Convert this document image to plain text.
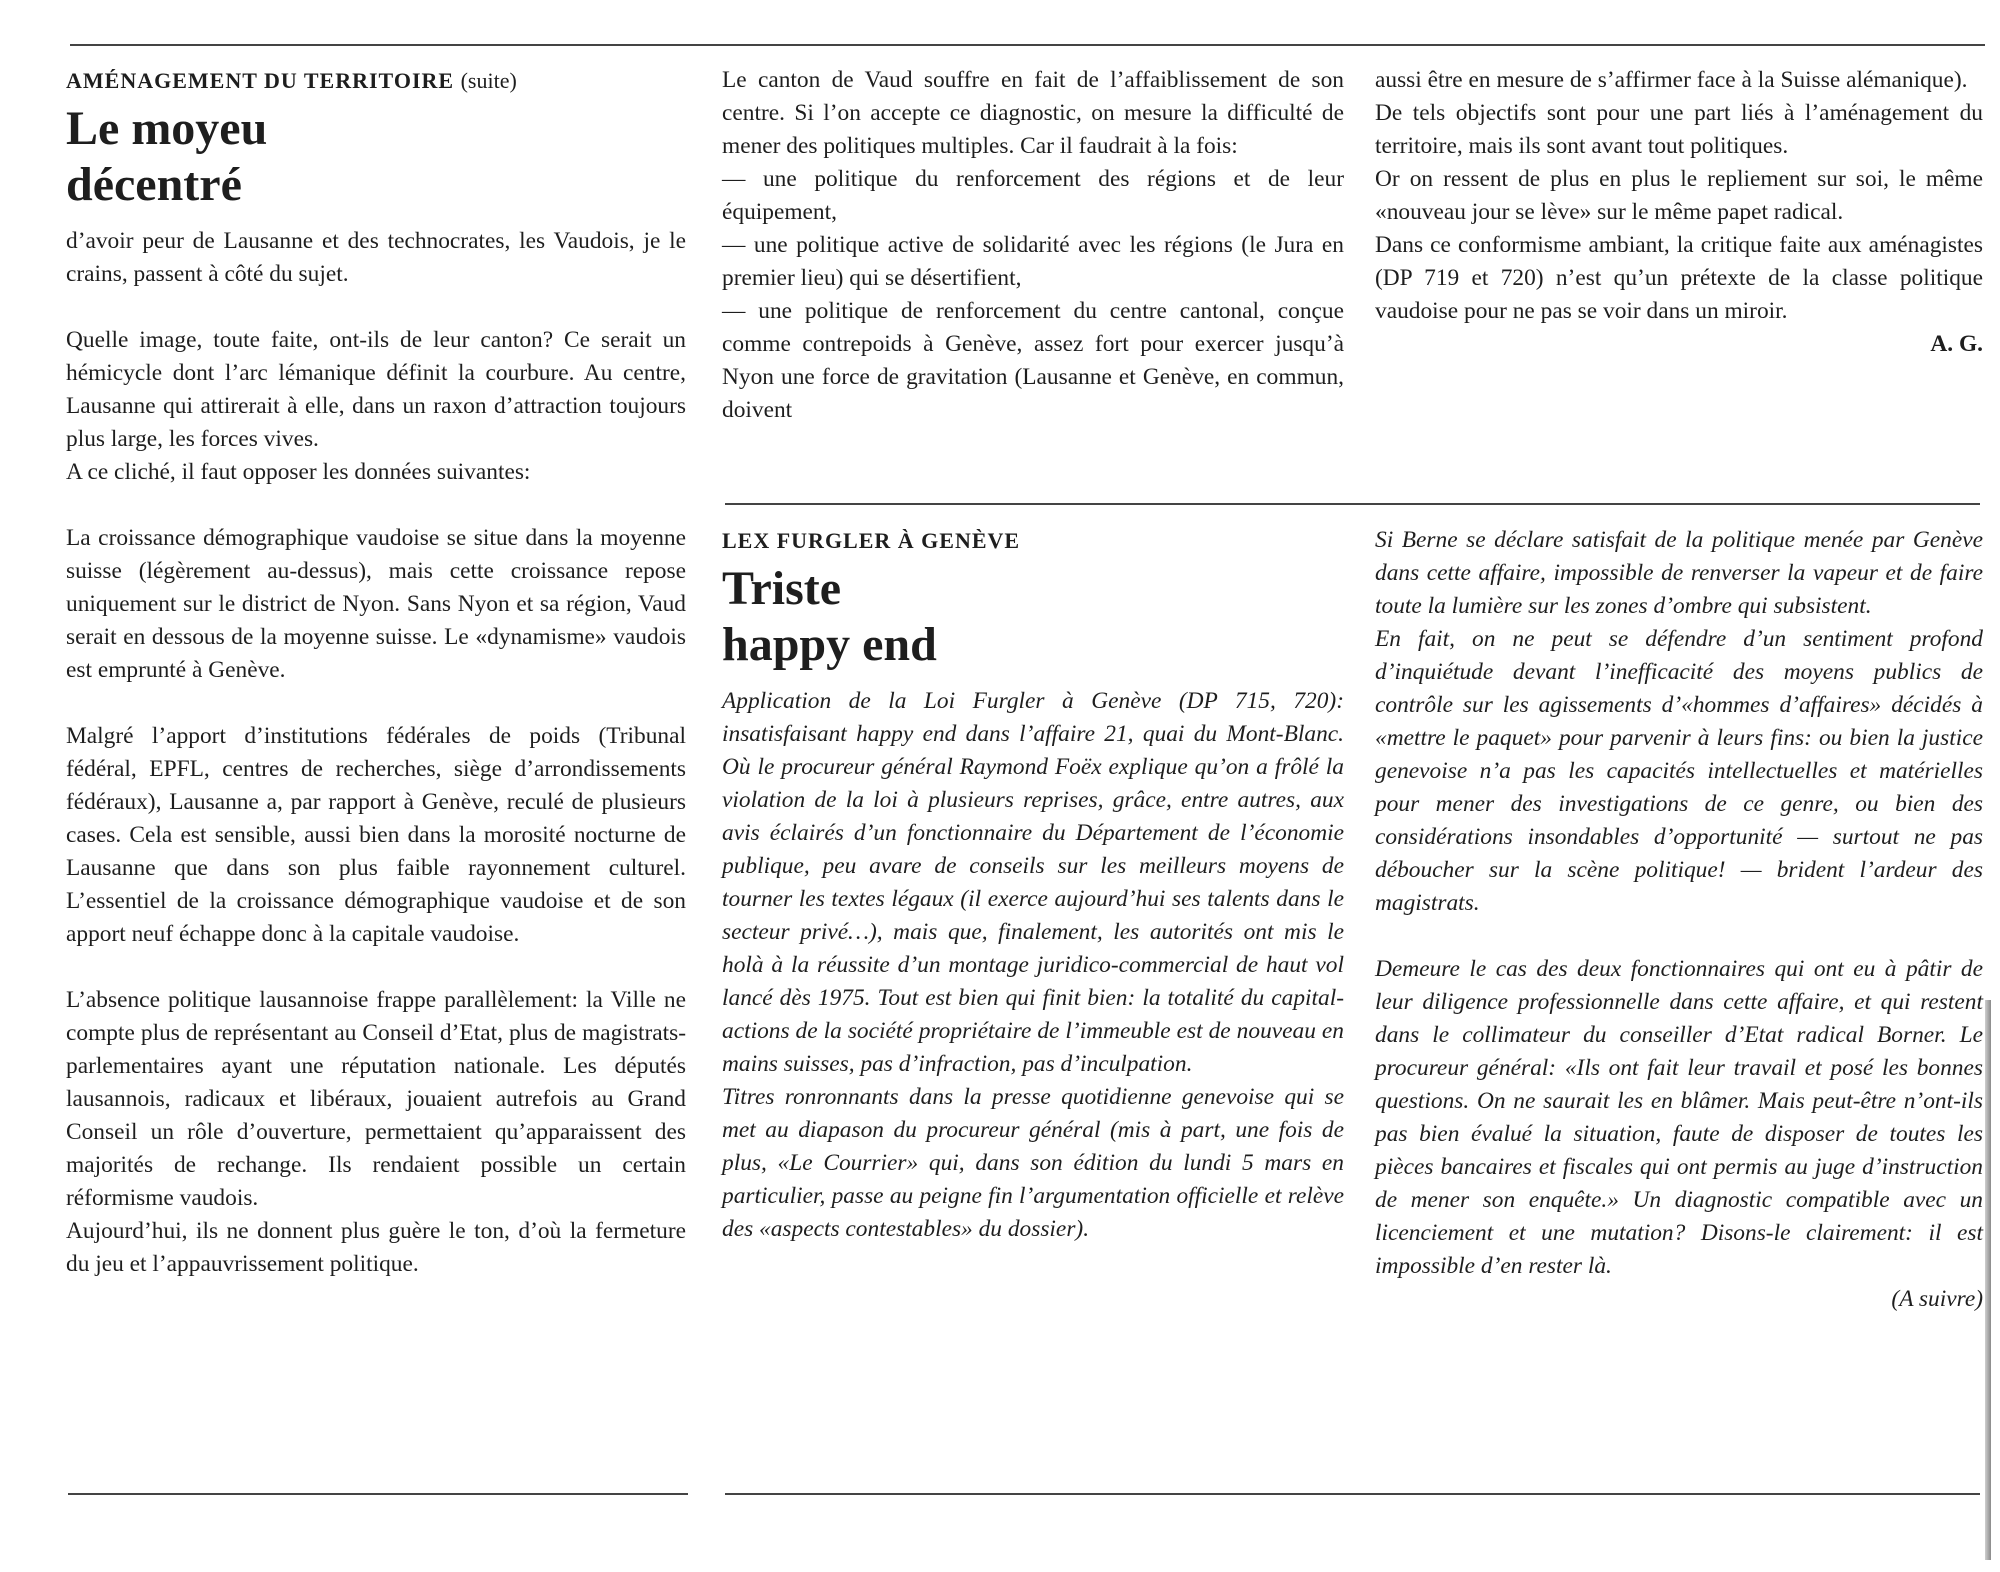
AMÉNAGEMENT DU TERRITOIRE (suite)
Le moyeu
décentré

d’avoir peur de Lausanne et des technocrates, les Vaudois, je le crains, passent à côté du sujet.

Quelle image, toute faite, ont-ils de leur canton? Ce serait un hémicycle dont l’arc lémanique définit la courbure. Au centre, Lausanne qui attirerait à elle, dans un raxon d’attraction toujours plus large, les forces vives.

A ce cliché, il faut opposer les données suivantes:

La croissance démographique vaudoise se situe dans la moyenne suisse (légèrement au-dessus), mais cette croissance repose uniquement sur le district de Nyon. Sans Nyon et sa région, Vaud serait en dessous de la moyenne suisse. Le «dynamisme» vaudois est emprunté à Genève.

Malgré l’apport d’institutions fédérales de poids (Tribunal fédéral, EPFL, centres de recherches, siège d’arrondissements fédéraux), Lausanne a, par rapport à Genève, reculé de plusieurs cases. Cela est sensible, aussi bien dans la morosité nocturne de Lausanne que dans son plus faible rayonnement culturel. L’essentiel de la croissance démographique vaudoise et de son apport neuf échappe donc à la capitale vaudoise.

L’absence politique lausannoise frappe parallèlement: la Ville ne compte plus de représentant au Conseil d’Etat, plus de magistrats-parlementaires ayant une réputation nationale. Les députés lausannois, radicaux et libéraux, jouaient autrefois au Grand Conseil un rôle d’ouverture, permettaient qu’apparaissent des majorités de rechange. Ils rendaient possible un certain réformisme vaudois.

Aujourd’hui, ils ne donnent plus guère le ton, d’où la fermeture du jeu et l’appauvrissement politique.

Le canton de Vaud souffre en fait de l’affaiblissement de son centre. Si l’on accepte ce diagnostic, on mesure la difficulté de mener des politiques multiples. Car il faudrait à la fois:

— une politique du renforcement des régions et de leur équipement,

— une politique active de solidarité avec les régions (le Jura en premier lieu) qui se désertifient,

— une politique de renforcement du centre cantonal, conçue comme contrepoids à Genève, assez fort pour exercer jusqu’à Nyon une force de gravitation (Lausanne et Genève, en commun, doivent

aussi être en mesure de s’affirmer face à la Suisse alémanique).

De tels objectifs sont pour une part liés à l’aménagement du territoire, mais ils sont avant tout politiques.

Or on ressent de plus en plus le repliement sur soi, le même «nouveau jour se lève» sur le même papet radical.

Dans ce conformisme ambiant, la critique faite aux aménagistes (DP 719 et 720) n’est qu’un prétexte de la classe politique vaudoise pour ne pas se voir dans un miroir.

A. G.

LEX FURGLER À GENÈVE
Triste
happy end

Application de la Loi Furgler à Genève (DP 715, 720): insatisfaisant happy end dans l’affaire 21, quai du Mont-Blanc. Où le procureur général Raymond Foëx explique qu’on a frôlé la violation de la loi à plusieurs reprises, grâce, entre autres, aux avis éclairés d’un fonctionnaire du Département de l’économie publique, peu avare de conseils sur les meilleurs moyens de tourner les textes légaux (il exerce aujourd’hui ses talents dans le secteur privé…), mais que, finalement, les autorités ont mis le holà à la réussite d’un montage juridico-commercial de haut vol lancé dès 1975. Tout est bien qui finit bien: la totalité du capital-actions de la société propriétaire de l’immeuble est de nouveau en mains suisses, pas d’infraction, pas d’inculpation.

Titres ronronnants dans la presse quotidienne genevoise qui se met au diapason du procureur général (mis à part, une fois de plus, «Le Courrier» qui, dans son édition du lundi 5 mars en particulier, passe au peigne fin l’argumentation officielle et relève des «aspects contestables» du dossier).

Si Berne se déclare satisfait de la politique menée par Genève dans cette affaire, impossible de renverser la vapeur et de faire toute la lumière sur les zones d’ombre qui subsistent.

En fait, on ne peut se défendre d’un sentiment profond d’inquiétude devant l’inefficacité des moyens publics de contrôle sur les agissements d’«hommes d’affaires» décidés à «mettre le paquet» pour parvenir à leurs fins: ou bien la justice genevoise n’a pas les capacités intellectuelles et matérielles pour mener des investigations de ce genre, ou bien des considérations insondables d’opportunité — surtout ne pas déboucher sur la scène politique! — brident l’ardeur des magistrats.

Demeure le cas des deux fonctionnaires qui ont eu à pâtir de leur diligence professionnelle dans cette affaire, et qui restent dans le collimateur du conseiller d’Etat radical Borner. Le procureur général: «Ils ont fait leur travail et posé les bonnes questions. On ne saurait les en blâmer. Mais peut-être n’ont-ils pas bien évalué la situation, faute de disposer de toutes les pièces bancaires et fiscales qui ont permis au juge d’instruction de mener son enquête.» Un diagnostic compatible avec un licenciement et une mutation? Disons-le clairement: il est impossible d’en rester là.

(A suivre)
